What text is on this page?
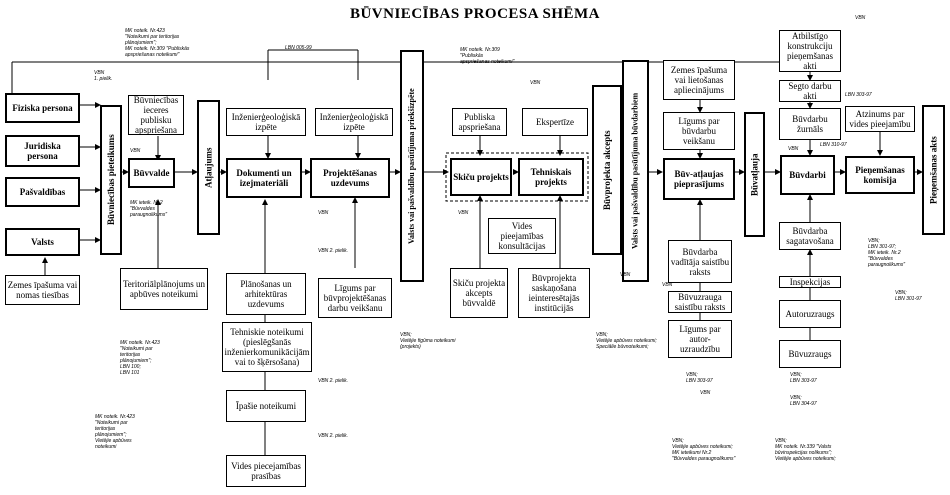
BŪVNIECĪBAS PROCESA SHĒMA
Fiziska persona
Juridiska persona
Pašvaldības
Valsts
Zemes īpašuma vai nomas tiesības
Būvniecības pieteikums
Būvniecības ieceres publisku apspriešana
Būvvalde
Teritoriālplānojums un apbūves noteikumi
Atļaujums
Inženierģeoloģiskā izpēte
Dokumenti un izejmateriāli
Plānošanas un arhitektūras uzdevums
Tehniskie noteikumi (pieslēgšanās inženierkomunikācijām vai to šķērsošana)
Īpašie noteikumi
Vides piecejamības prasības
Inženierģeoloģiskā izpēte
Projektēšanas uzdevums
Līgums par būvprojektēšanas darbu veikšanu
Valsts vai pašvaldību pasūtījuma priekšizpēte	Publiska apspriešana	Ekspertīze
Skiču projekts	Tehniskais projekts
Vides pieejamības konsultācijas
Skiču projekta akcepts būvvaldē
Būvprojekta saskaņošana ieinteresētajās institūcijās
Būvprojekta akcepts	Valsts vai pašvaldību pasūtījuma būvdarbiem
Zemes īpašuma vai lietošanas apliecinājums
Līgums par būvdarbu veikšanu
Būv-atļaujas pieprasījums
Būvdarba vadītāja saistību raksts
Būvuzrauga saistību raksts
Līgums par autor-uzraudzību
Būvatļauja
Atbilstīgo konstrukciju pieņemšanas akti
Segto darbu akti
Būvdarbu žurnāls
Būvdarbi
Atzinums par vides pieejamību
Pieņemšanas komisija	Pieņemšanas akts
Būvdarba sagatavošana
Inspekcijas
Autoruzraugs
Būvuzraugs
VBN
1. pielik.
MK noteik. Nr.423
"Noteikumi par teritorijas
plānojumiem";
MK noteik. Nr.309 "Publiskās
apspriešanas noteikumi"
VBN
MK ieteik. Nr.2
"Būvvaldes
paraugnolikums"
LBN 005-99
VBN
VBN 2. pielik.
MK noteik. Nr.423
"Noteikumi par
teritorijas
plānojumiem";
LBN 100;
LBN 101
VBN 2. pielik.
VBN 2. pielik.
MK noteik. Nr.423
"Noteikumi par
teritorijas
plānojumiem";
Vietējie apbūves
noteikumi
MK noteik. Nr.309
"Publiskās
apspriešanas noteikumi"
VBN
VBN
VBN;
Vietējie figūma noteikumi
(projekts)
VBN;
Vietējie apbūves noteikumi;
Speciālie būvnoteikumi;
VBN
VBN
VBN;
LBN 303-97
VBN
VBN;
Vietējie apbūves noteikumi;
MK ieteikumi Nr.2
"Būvvaldes paraugnolikums"
VBN
LBN 303-97
LBN 310-97
VBN;
LBN 301-97;
MK ieteik. Nr.2
"Būvvaldes
paraugnolikums"
VBN;
LBN 301-97
VBN;
LBN 303-97
VBN;
LBN 304-97
VBN;
MK noteik. Nr.339 "Valsts
būvinspekcijas nolikums";
Vietējie apbūves noteikumi;
VBN
